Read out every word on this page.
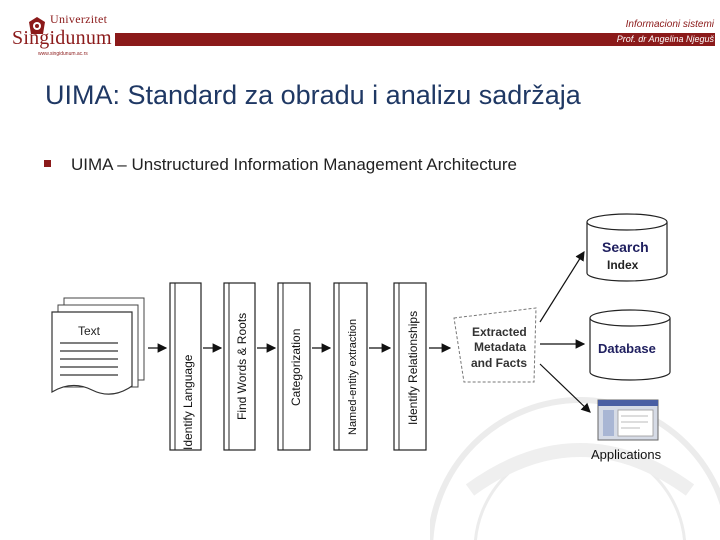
Univerzitet
Singidunum
www.singidunum.ac.rs
Informacioni sistemi
Prof. dr Angelina Njeguš
UIMA: Standard za obradu i analizu sadržaja
UIMA – Unstructured Information Management Architecture
Text
Identify Language	Find Words & Roots	Categorization	Named-entity extraction	Identify Relationships	Extracted
Metadata
and Facts
Search
Index
Database
Applications
